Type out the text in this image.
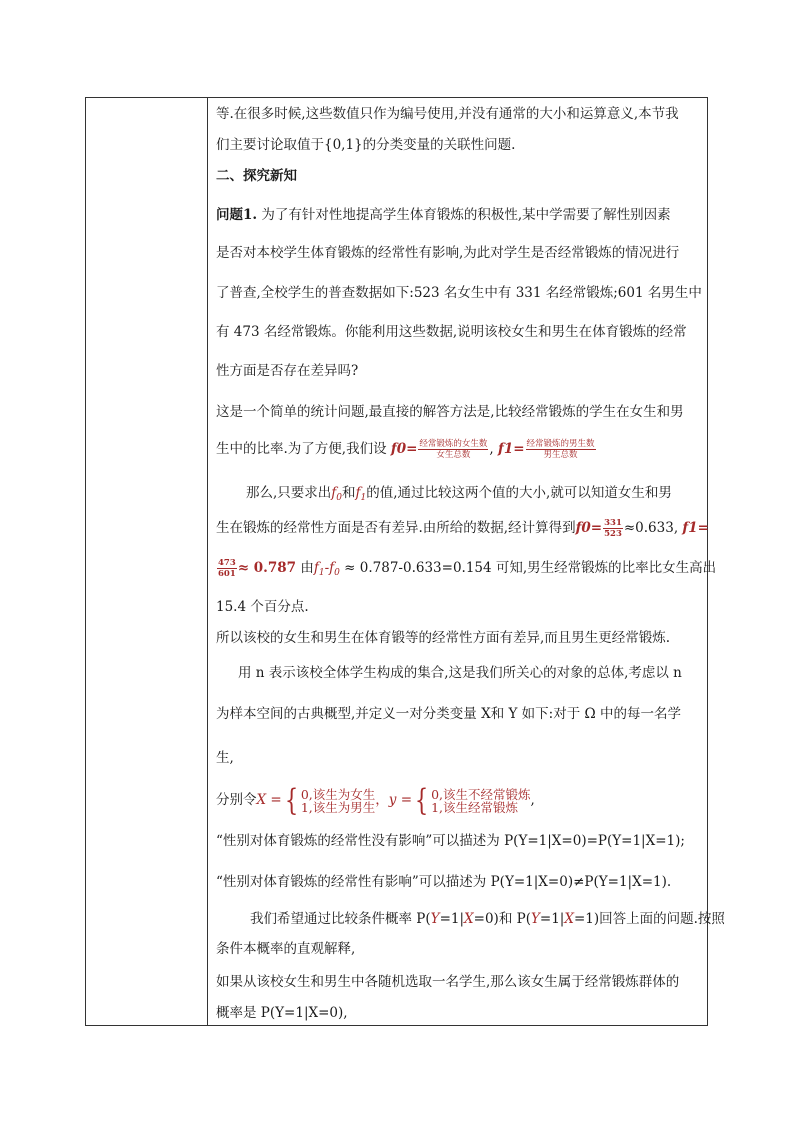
等.在很多时候,这些数值只作为编号使用,并没有通常的大小和运算意义,本节我
们主要讨论取值于{0,1}的分类变量的关联性问题.
二、探究新知
问题1. 为了有针对性地提高学生体育锻炼的积极性,某中学需要了解性别因素
是否对本校学生体育锻炼的经常性有影响,为此对学生是否经常锻炼的情况进行
了普查,全校学生的普查数据如下:523 名女生中有 331 名经常锻炼;601 名男生中
有 473 名经常锻炼。你能利用这些数据,说明该校女生和男生在体育锻炼的经常
性方面是否存在差异吗?
这是一个简单的统计问题,最直接的解答方法是,比较经常锻炼的学生在女生和男
生中的比率.为了方便,我们设 $f0= \frac{\text{经常锻炼的女生数}}{\text{女生总数}}$ , $f1= \frac{\text{经常锻炼的男生数}}{\text{男生总数}}$
那么,只要求出$f_0$和$f_1$的值,通过比较这两个值的大小,就可以知道女生和男
生在锻炼的经常性方面是否有差异.由所给的数据,经计算得到$f0= \frac{331}{523} \approx 0.633$, f1=
$\frac{473}{601} \approx 0.787$ 由$f_1-f_0 \approx 0.787-0.633=0.154$ 可知,男生经常锻炼的比率比女生高出
15.4 个百分点.
所以该校的女生和男生在体育锻等的经常性方面有差异,而且男生更经常锻炼.
用 n 表示该校全体学生构成的集合,这是我们所关心的对象的总体,考虑以 n
为样本空间的古典概型,并定义一对分类变量 X和 Y 如下:对于 Ω 中的每一名学
生,
分别令X ={ 0,该生为女生
1,该生为男生 ，y ={ 0,该生不经常锻炼
1,该生经常锻炼 ,
“性别对体育锻炼的经常性没有影响”可以描述为 P(Y=1|X=0)=P(Y=1|X=1);
“性别对体育锻炼的经常性有影响”可以描述为 P(Y=1|X=0)≠P(Y=1|X=1).
我们希望通过比较条件概率 P(Y=1|X=0)和 P(Y=1|X=1)回答上面的问题.按照
条件本概率的直观解释,
如果从该校女生和男生中各随机选取一名学生,那么该女生属于经常锻炼群体的
概率是 P(Y=1|X=0),
